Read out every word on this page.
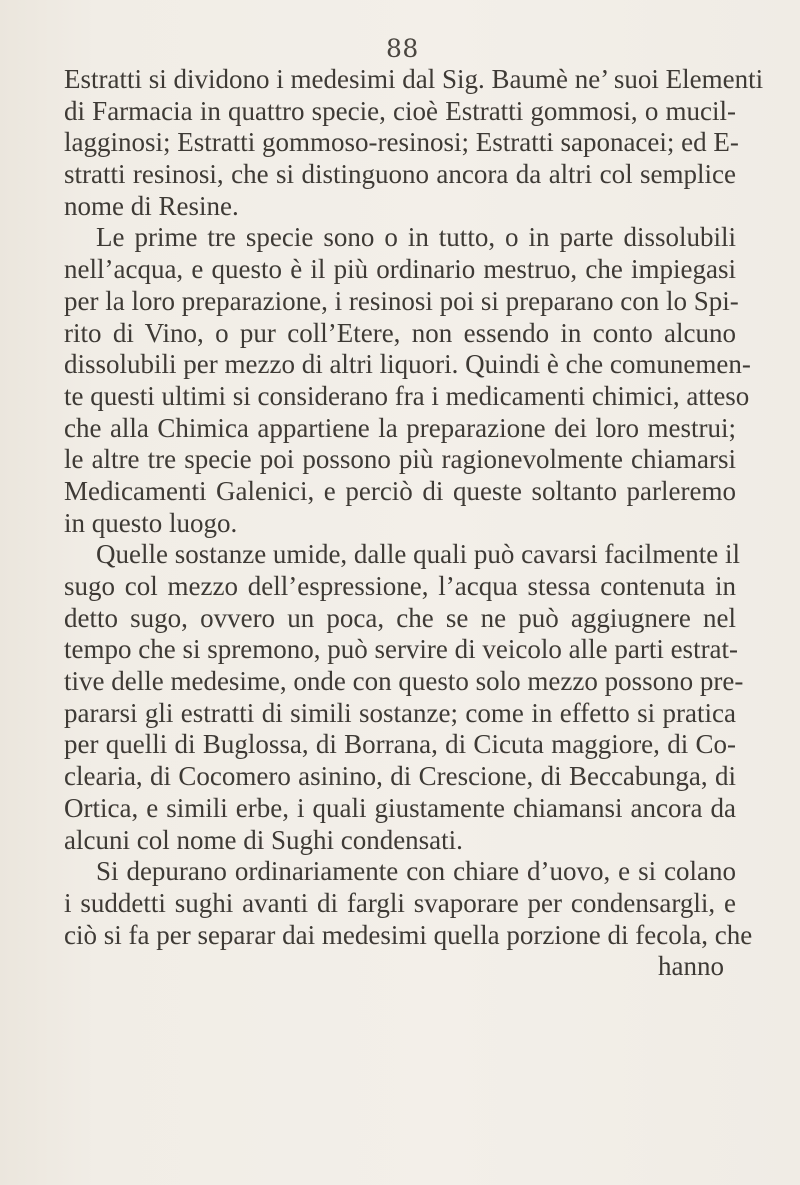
88
Estratti si dividono i medesimi dal Sig. Baumè ne’ suoi Elementi
di Farmacia in quattro specie, cioè Estratti gommosi, o mucil-
lagginosi; Estratti gommoso-resinosi; Estratti saponacei; ed E-
stratti resinosi, che si distinguono ancora da altri col semplice
nome di Resine.
Le prime tre specie sono o in tutto, o in parte dissolubili
nell’acqua, e questo è il più ordinario mestruo, che impiegasi
per la loro preparazione, i resinosi poi si preparano con lo Spi-
rito di Vino, o pur coll’Etere, non essendo in conto alcuno
dissolubili per mezzo di altri liquori. Quindi è che comunemen-
te questi ultimi si considerano fra i medicamenti chimici, atteso
che alla Chimica appartiene la preparazione dei loro mestrui;
le altre tre specie poi possono più ragionevolmente chiamarsi
Medicamenti Galenici, e perciò di queste soltanto parleremo
in questo luogo.
Quelle sostanze umide, dalle quali può cavarsi facilmente il
sugo col mezzo dell’espressione, l’acqua stessa contenuta in
detto sugo, ovvero un poca, che se ne può aggiugnere nel
tempo che si spremono, può servire di veicolo alle parti estrat-
tive delle medesime, onde con questo solo mezzo possono pre-
pararsi gli estratti di simili sostanze; come in effetto si pratica
per quelli di Buglossa, di Borrana, di Cicuta maggiore, di Co-
clearia, di Cocomero asinino, di Crescione, di Beccabunga, di
Ortica, e simili erbe, i quali giustamente chiamansi ancora da
alcuni col nome di Sughi condensati.
Si depurano ordinariamente con chiare d’uovo, e si colano
i suddetti sughi avanti di fargli svaporare per condensargli, e
ciò si fa per separar dai medesimi quella porzione di fecola, che
hanno
